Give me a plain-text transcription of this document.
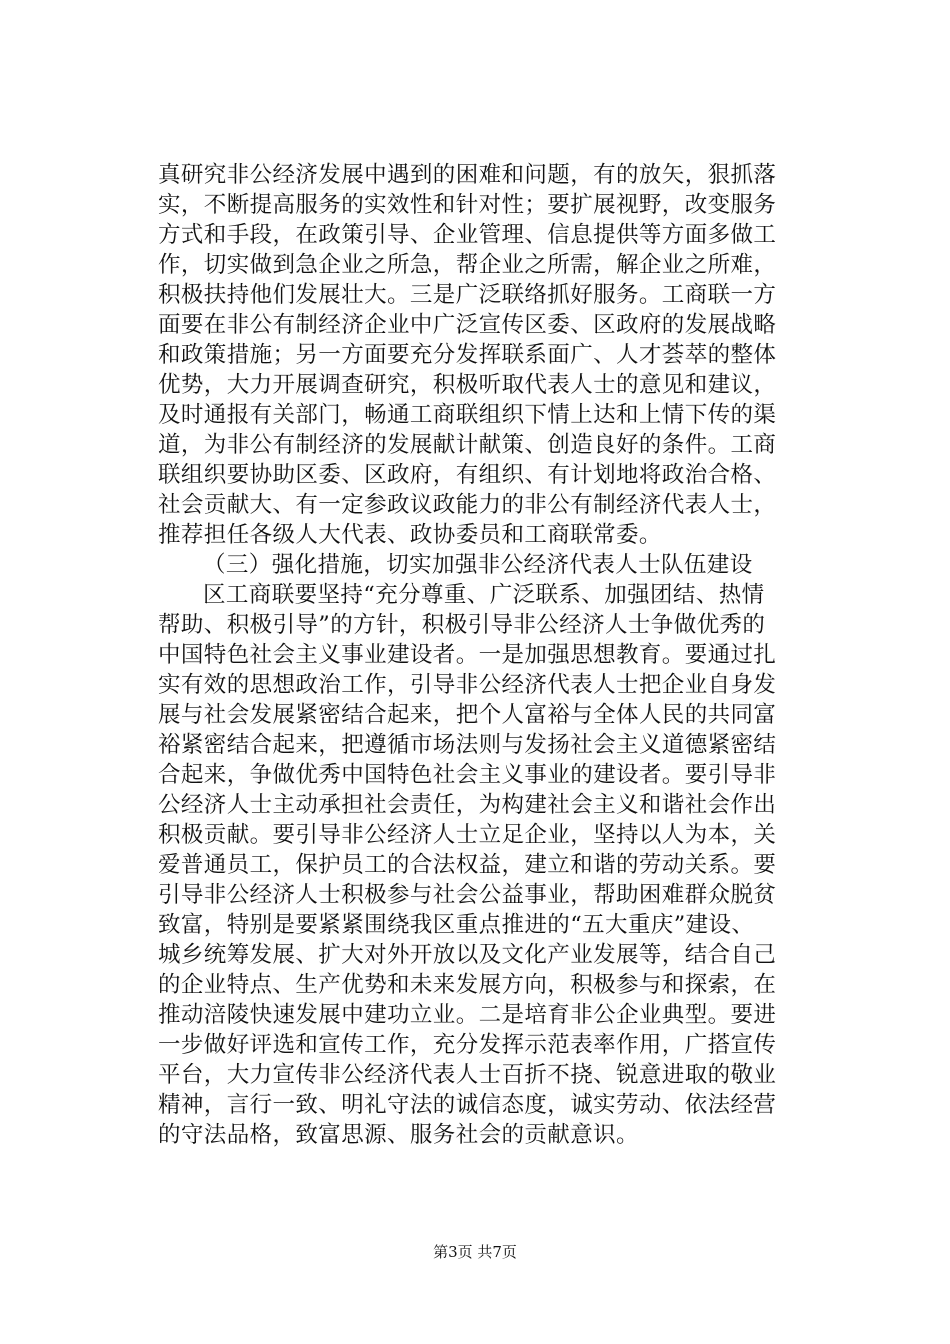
真研究非公经济发展中遇到的困难和问题，有的放矢，狠抓落
实，不断提高服务的实效性和针对性；要扩展视野，改变服务
方式和手段，在政策引导、企业管理、信息提供等方面多做工
作，切实做到急企业之所急，帮企业之所需，解企业之所难，
积极扶持他们发展壮大。三是广泛联络抓好服务。工商联一方
面要在非公有制经济企业中广泛宣传区委、区政府的发展战略
和政策措施；另一方面要充分发挥联系面广、人才荟萃的整体
优势，大力开展调查研究，积极听取代表人士的意见和建议，
及时通报有关部门，畅通工商联组织下情上达和上情下传的渠
道，为非公有制经济的发展献计献策、创造良好的条件。工商
联组织要协助区委、区政府，有组织、有计划地将政治合格、
社会贡献大、有一定参政议政能力的非公有制经济代表人士，
推荐担任各级人大代表、政协委员和工商联常委。
（三）强化措施，切实加强非公经济代表人士队伍建设
区工商联要坚持“充分尊重、广泛联系、加强团结、热情
帮助、积极引导”的方针，积极引导非公经济人士争做优秀的
中国特色社会主义事业建设者。一是加强思想教育。要通过扎
实有效的思想政治工作，引导非公经济代表人士把企业自身发
展与社会发展紧密结合起来，把个人富裕与全体人民的共同富
裕紧密结合起来，把遵循市场法则与发扬社会主义道德紧密结
合起来，争做优秀中国特色社会主义事业的建设者。要引导非
公经济人士主动承担社会责任，为构建社会主义和谐社会作出
积极贡献。要引导非公经济人士立足企业，坚持以人为本，关
爱普通员工，保护员工的合法权益，建立和谐的劳动关系。要
引导非公经济人士积极参与社会公益事业，帮助困难群众脱贫
致富，特别是要紧紧围绕我区重点推进的“五大重庆”建设、
城乡统筹发展、扩大对外开放以及文化产业发展等，结合自己
的企业特点、生产优势和未来发展方向，积极参与和探索，在
推动涪陵快速发展中建功立业。二是培育非公企业典型。要进
一步做好评选和宣传工作，充分发挥示范表率作用，广搭宣传
平台，大力宣传非公经济代表人士百折不挠、锐意进取的敬业
精神，言行一致、明礼守法的诚信态度，诚实劳动、依法经营
的守法品格，致富思源、服务社会的贡献意识。
第3页 共7页
